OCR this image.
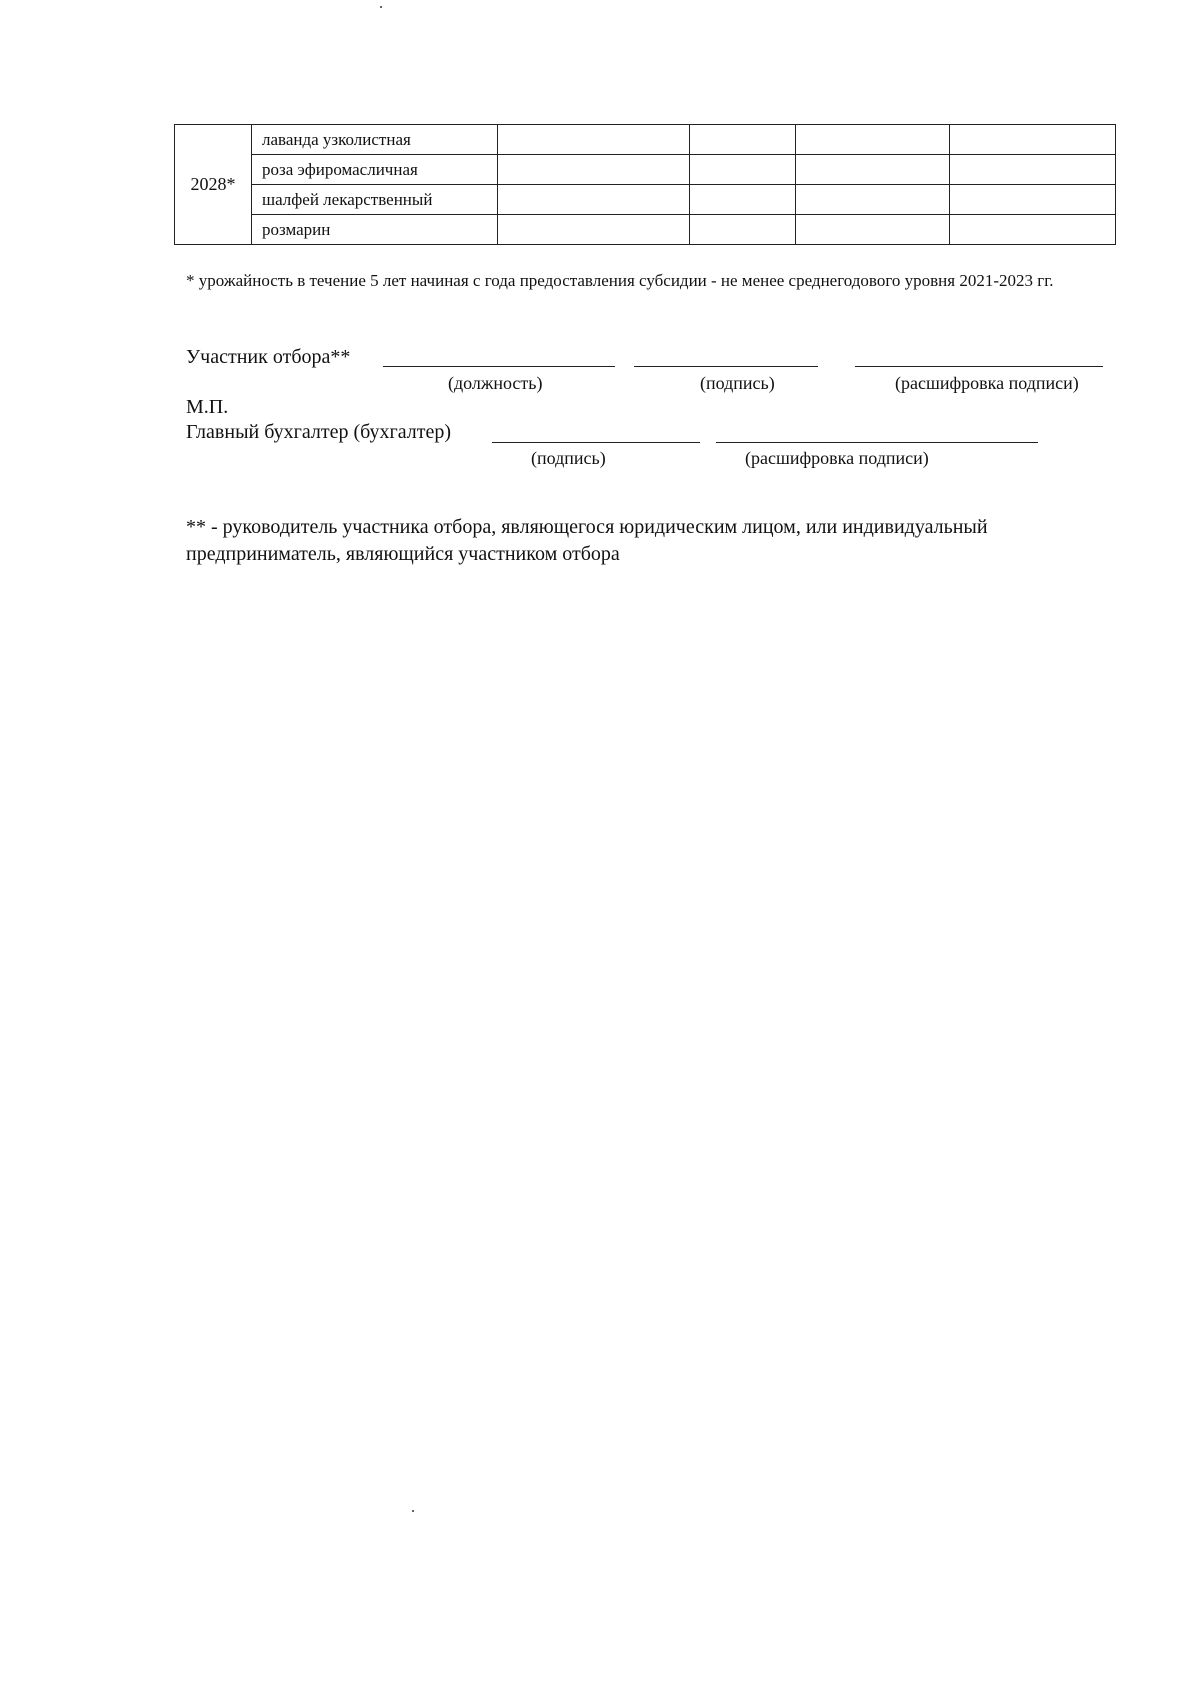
2028*	лаванда узколистная				
	роза эфиромасличная				
	шалфей лекарственный				
	розмарин				
* урожайность в течение 5 лет начиная с года предоставления субсидии - не менее среднегодового уровня 2021-2023 гг.
Участник отбора**
(должность)	(подпись)	(расшифровка подписи)
М.П.
Главный бухгалтер (бухгалтер)
(подпись)	(расшифровка подписи)
** - руководитель участника отбора, являющегося юридическим лицом, или индивидуальный предприниматель, являющийся участником отбора
